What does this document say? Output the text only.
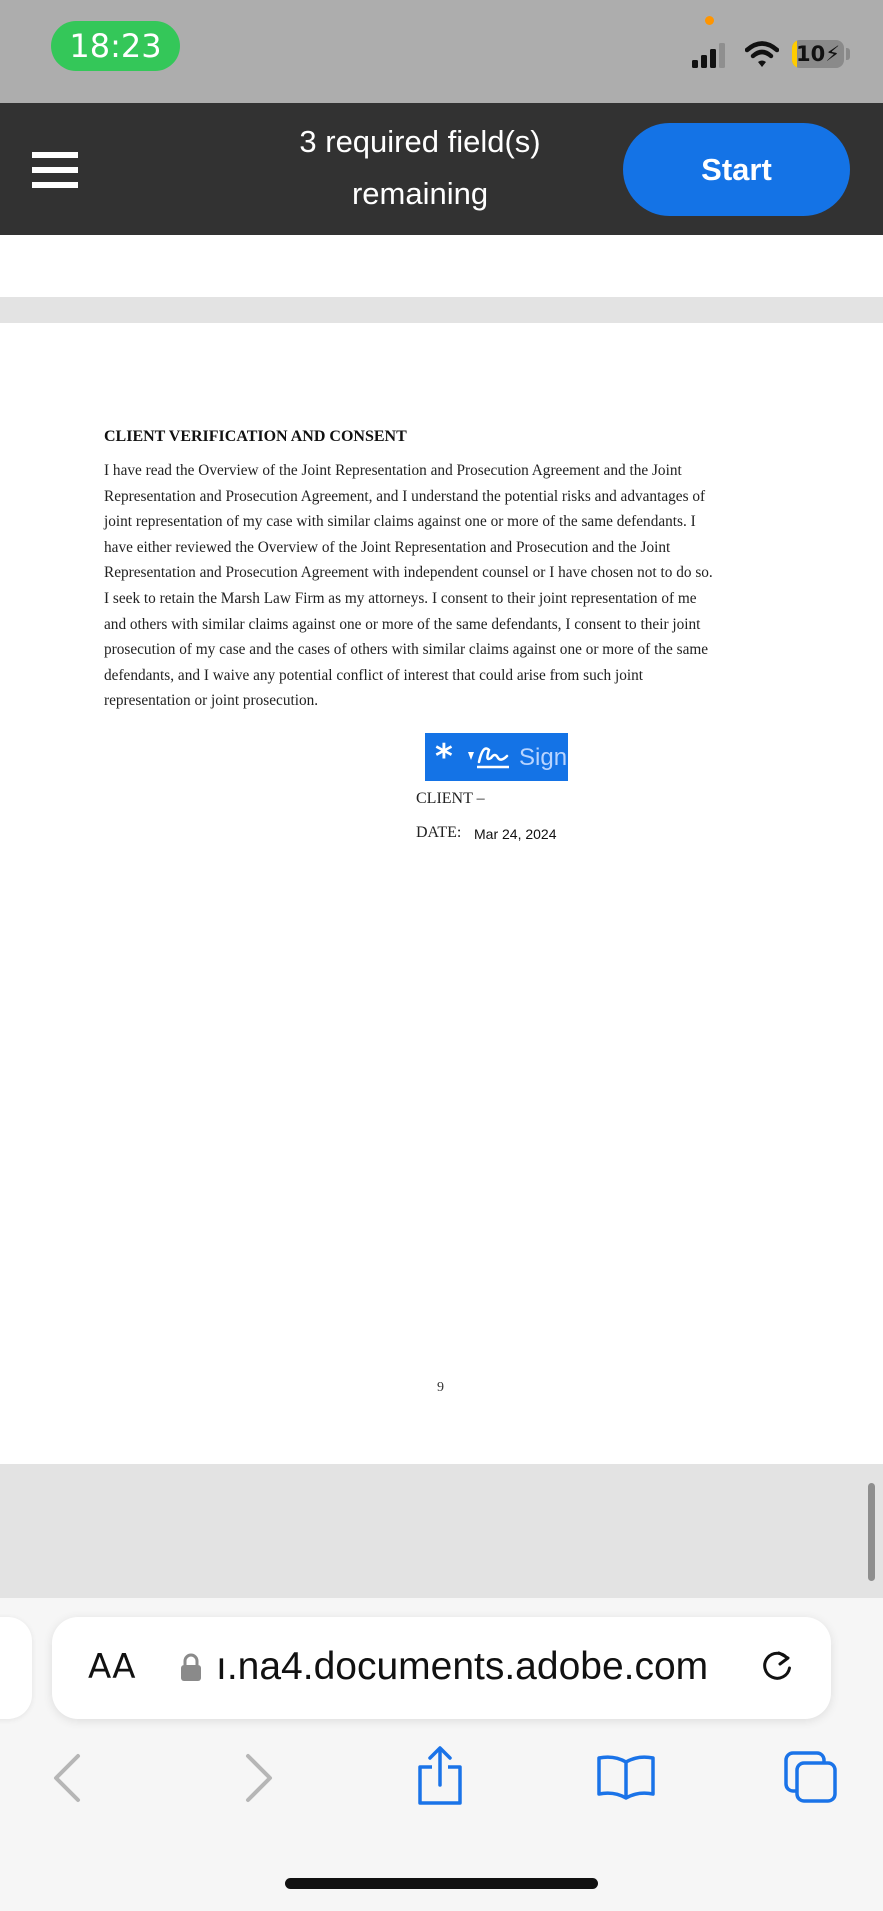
18:23	10⚡
3 required field(s)
remaining
Start
CLIENT VERIFICATION AND CONSENT
I have read the Overview of the Joint Representation and Prosecution Agreement and the Joint
Representation and Prosecution Agreement, and I understand the potential risks and advantages of
joint representation of my case with similar claims against one or more of the same defendants. I
have either reviewed the Overview of the Joint Representation and Prosecution and the Joint
Representation and Prosecution Agreement with independent counsel or I have chosen not to do so.
I seek to retain the Marsh Law Firm as my attorneys. I consent to their joint representation of me
and others with similar claims against one or more of the same defendants, I consent to their joint
prosecution of my case and the cases of others with similar claims against one or more of the same
defendants, and I waive any potential conflict of interest that could arise from such joint
representation or joint prosecution.
*	Sign
CLIENT –
DATE: Mar 24, 2024
9
AA ı.na4.documents.adobe.com
